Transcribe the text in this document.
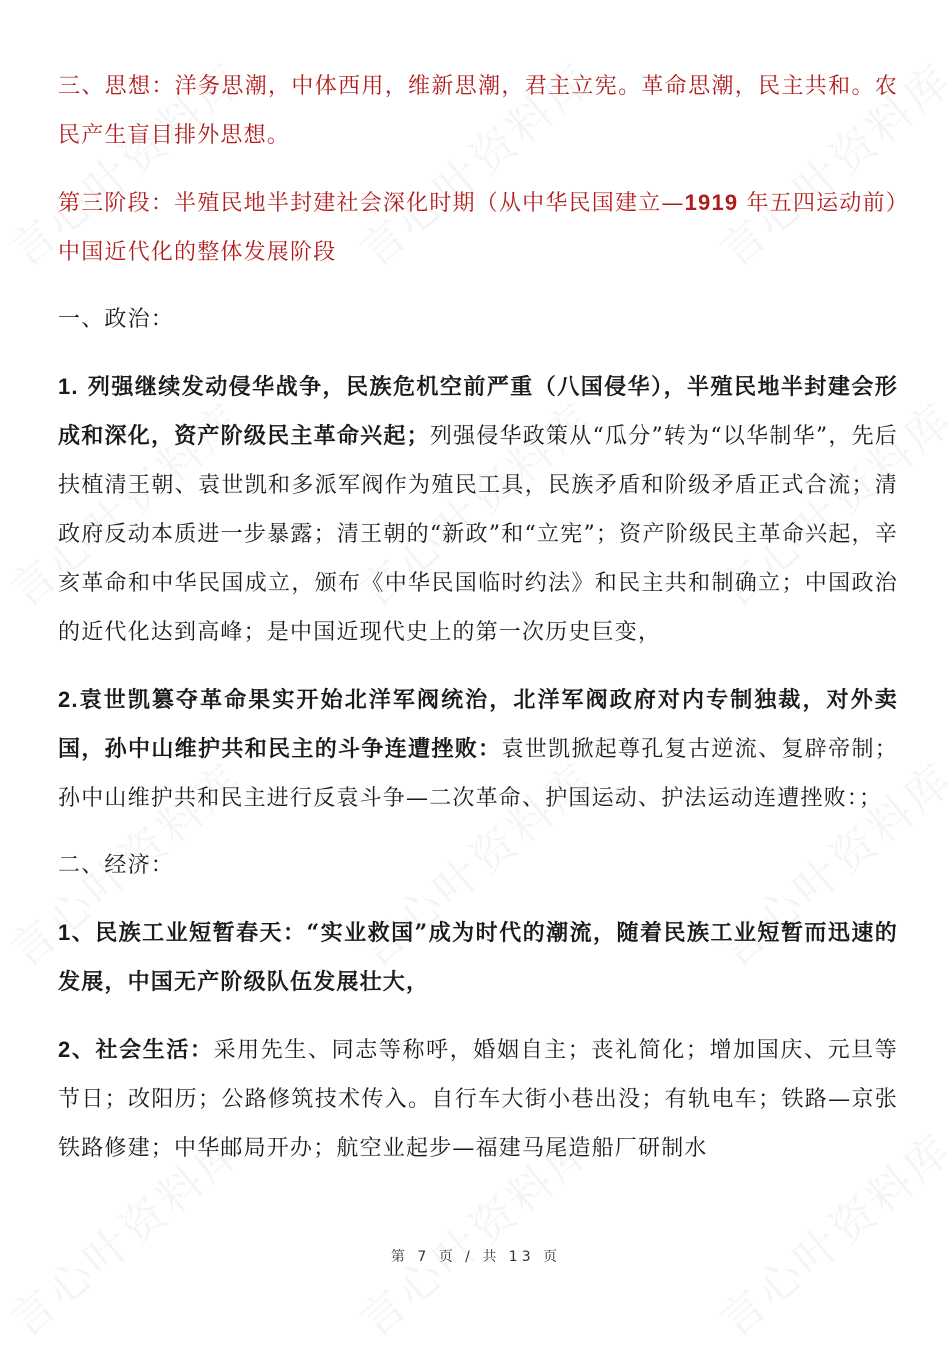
三、思想：洋务思潮，中体西用，维新思潮，君主立宪。革命思潮，民主共和。农民产生盲目排外思想。

第三阶段：半殖民地半封建社会深化时期（从中华民国建立—1919 年五四运动前）中国近代化的整体发展阶段

一、政治：

1. 列强继续发动侵华战争，民族危机空前严重（八国侵华），半殖民地半封建会形成和深化，资产阶级民主革命兴起；列强侵华政策从“瓜分”转为“以华制华”，先后扶植清王朝、袁世凯和多派军阀作为殖民工具，民族矛盾和阶级矛盾正式合流；清政府反动本质进一步暴露；清王朝的“新政”和“立宪”；资产阶级民主革命兴起，辛亥革命和中华民国成立，颁布《中华民国临时约法》和民主共和制确立；中国政治的近代化达到高峰；是中国近现代史上的第一次历史巨变，

2.袁世凯篡夺革命果实开始北洋军阀统治，北洋军阀政府对内专制独裁，对外卖国，孙中山维护共和民主的斗争连遭挫败：袁世凯掀起尊孔复古逆流、复辟帝制；孙中山维护共和民主进行反袁斗争—二次革命、护国运动、护法运动连遭挫败：；

二、经济：

1、民族工业短暂春天：“实业救国”成为时代的潮流，随着民族工业短暂而迅速的发展，中国无产阶级队伍发展壮大，

2、社会生活：采用先生、同志等称呼，婚姻自主；丧礼简化；增加国庆、元旦等节日；改阳历；公路修筑技术传入。自行车大街小巷出没；有轨电车；铁路—京张铁路修建；中华邮局开办；航空业起步—福建马尾造船厂研制水

第 7 页 / 共 13 页
